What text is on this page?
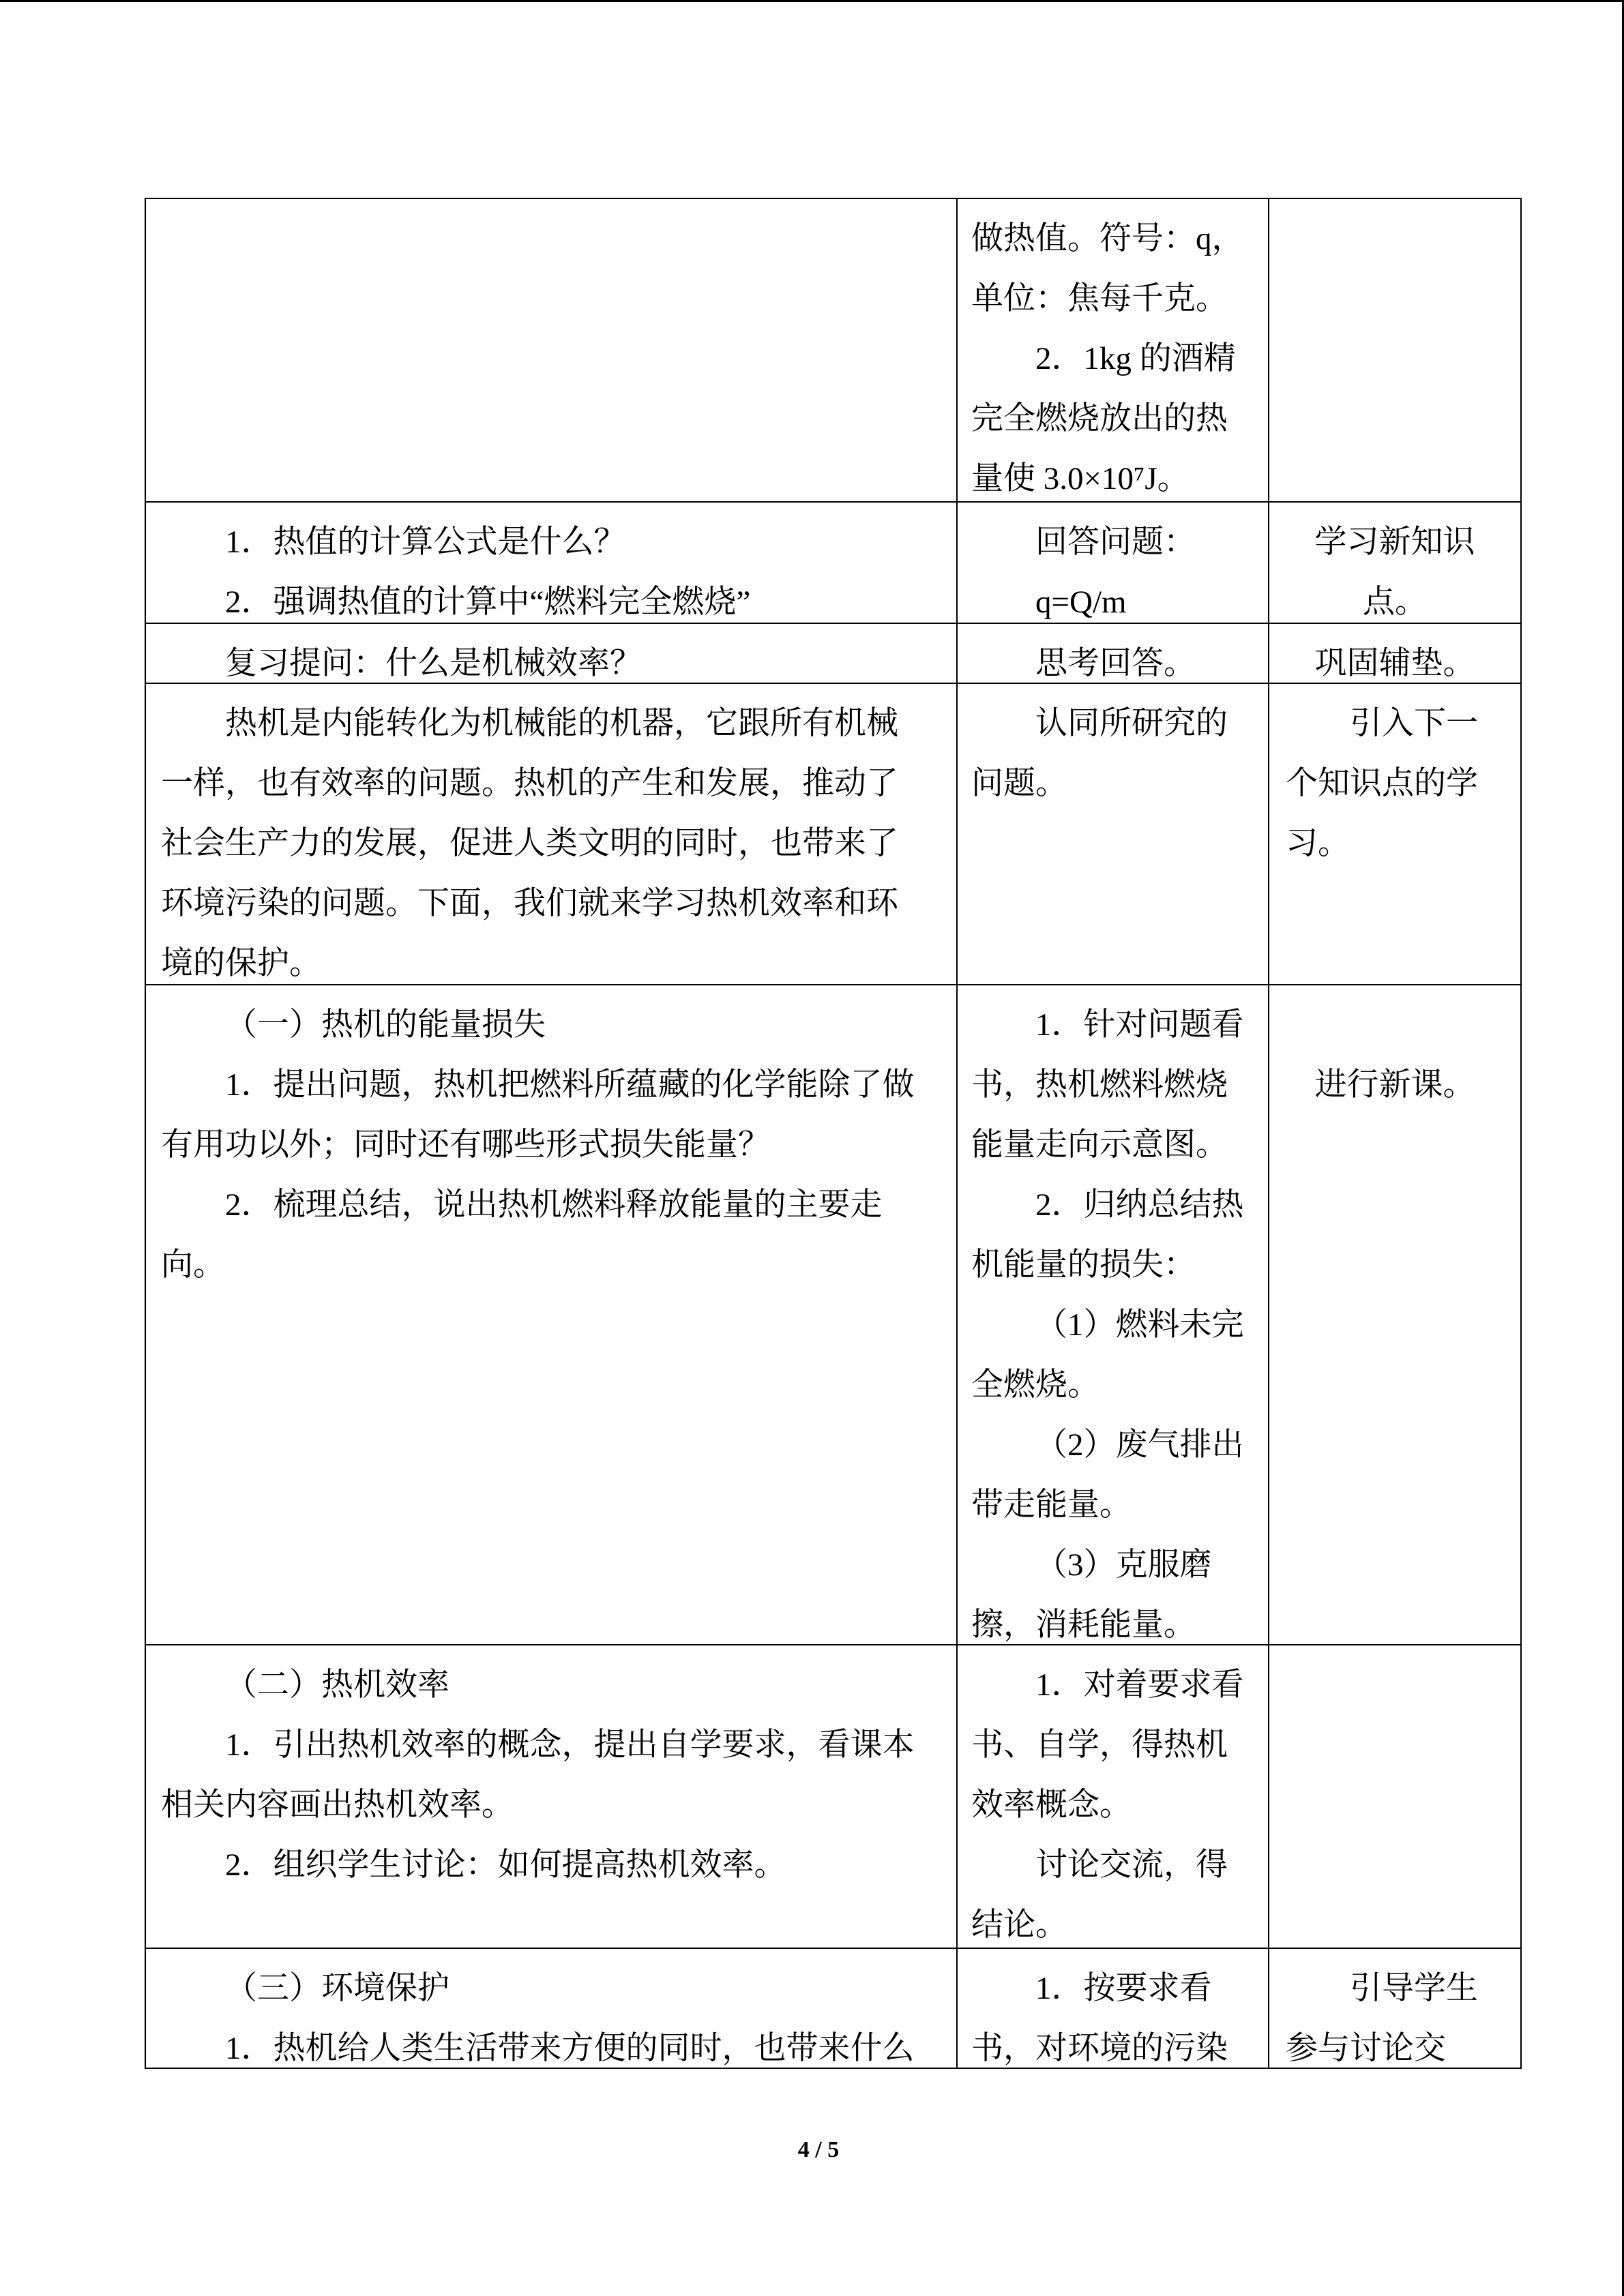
做热值。符号：q，
单位：焦每千克。
2．1kg 的酒精
完全燃烧放出的热
量使 3.0×10⁷J。
1．热值的计算公式是什么？
2．强调热值的计算中“燃料完全燃烧”
回答问题：
q=Q/m
学习新知识
点。
复习提问：什么是机械效率？	思考回答。	巩固辅垫。
热机是内能转化为机械能的机器，它跟所有机械
一样，也有效率的问题。热机的产生和发展，推动了
社会生产力的发展，促进人类文明的同时，也带来了
环境污染的问题。下面，我们就来学习热机效率和环
境的保护。
认同所研究的
问题。
引入下一
个知识点的学
习。
（一）热机的能量损失
1．提出问题，热机把燃料所蕴藏的化学能除了做
有用功以外；同时还有哪些形式损失能量？
2．梳理总结，说出热机燃料释放能量的主要走
向。
1．针对问题看
书，热机燃料燃烧
能量走向示意图。
2．归纳总结热
机能量的损失：
（1）燃料未完
全燃烧。
（2）废气排出
带走能量。
（3）克服磨
擦，消耗能量。
进行新课。
（二）热机效率
1．引出热机效率的概念，提出自学要求，看课本
相关内容画出热机效率。
2．组织学生讨论：如何提高热机效率。
1．对着要求看
书、自学，得热机
效率概念。
讨论交流，得
结论。
（三）环境保护
1．热机给人类生活带来方便的同时，也带来什么
1．按要求看
书，对环境的污染
引导学生
参与讨论交
4 / 5
